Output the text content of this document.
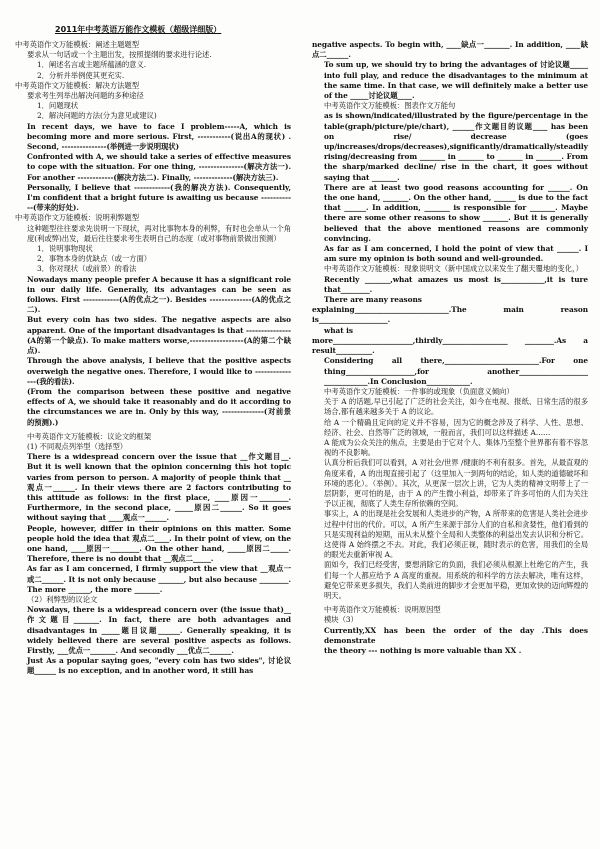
2011年中考英语万能作文模板（超级详细版）
中考英语作文万能模板：阐述主题题型
要求从一句话或一个主题出发，按照提纲的要求进行论述.
1．阐述名言或主题所蕴涵的意义.
2．分析并举例使其更充实.
中考英语作文万能模板：解决方法题型
要求考生列举出解决问题的多种途径
1．问题现状
2．解决问题的方法(分为意见或建议)
In recent days, we have to face I problem-----A, which is becoming more and more serious. First, -----------(说出A的现状) . Second, ---------------(举例进一步说明现状)
Confronted with A, we should take a series of effective measures to cope with the situation. For one thing, ---------------(解决方法一). For another ------------(解决方法二). Finally, -------------(解决方法三).
Personally, I believe that ------------(我的解决方法). Consequently, I'm confident that a bright future is awaiting us because ------------(带来的好处).
中考英语作文万能模板：说明利弊题型
这种题型往往要求先说明一下现状，再对比事物本身的利弊，有时也会单从一个角度(利或弊)出发，最后往往要求考生表明自己的态度（或对事物前景做出预测）
1．说明事物现状
2．事物本身的优缺点（或一方面）
3．你对现状（或前景）的看法
Nowadays many people prefer A because it has a significant role in our daily life. Generally, its advantages can be seen as follows. First ------------(A的优点之一). Besides --------------(A的优点之二).
But every coin has two sides. The negative aspects are also apparent. One of the important disadvantages is that ---------------(A的第一个缺点). To make matters worse,------------------(A的第二个缺点).
Through the above analysis, I believe that the positive aspects overweigh the negative ones. Therefore, I would like to ---------------(我的看法).
(From the comparison between these positive and negative effects of A, we should take it reasonably and do it according to the circumstances we are in. Only by this way, --------------(对前景的预测).)
中考英语作文万能模板：议论文的框架
(1) 不同观点列举型（选择型）
There is a widespread concern over the issue that __作文题目__. But it is well known that the opinion concerning this hot topic varies from person to person. A majority of people think that __观点一______. In their views there are 2 factors contributing to this attitude as follows: in the first place, ____原因一________. Furthermore, in the second place, _____原因二______. So it goes without saying that ____观点一______.
People, however, differ in their opinions on this matter. Some people hold the idea that 观点二____. In their point of view, on the one hand, ____原因一________. On the other hand, _____原因二_____. Therefore, there is no doubt that __观点二_____.
As far as I am concerned, I firmly support the view that __观点一或二______. It is not only because _______, but also because ________. The more ______, the more _______.
（2）利弊型的议论文
Nowadays, there is a widespread concern over (the issue that)__作文题目_______. In fact, there are both advantages and disadvantages in _____题目议题______. Generally speaking, it is widely believed there are several positive aspects as follows. Firstly, ___优点一_______. And secondly ___优点二______.
Just As a popular saying goes, "every coin has two sides", 讨论议题______ is no exception, and in another word, it still has
negative aspects. To begin with, ____缺点一_______. In addition, ____缺点二______.
To sum up, we should try to bring the advantages of 讨论议题_____ into full play, and reduce the disadvantages to the minimum at the same time. In that case, we will definitely make a better use of the _____讨论议题____.
中考英语作文万能模板：图表作文万能句
as is shown/indicated/illustrated by the figure/percentage in the table(graph/picture/pie/chart), ______作文题目的议题____ has been on rise/ decrease (goes up/increases/drops/decreases),significantly/dramatically/steadily rising/decreasing from _______ in _______ to _______ in _______. From the sharp/marked decline/ rise in the chart, it goes without saying that _______.
There are at least two good reasons accounting for ______. On the one hand, _______. On the other hand, ______ is due to the fact that ______. In addition, _______ is responsible for _______. Maybe there are some other reasons to show _______. But it is generally believed that the above mentioned reasons are commonly convincing.
As far as I am concerned, I hold the point of view that ______. I am sure my opinion is both sound and well-grounded.
中考英语作文万能模板：现象说明文（新中国成立以来发生了翻天覆地的变化，）
Recently _______,what amazes us most is____________,it is ture that________.
There are many reasons
explaining__________________________.The main reason is___________________.
what is
more______________________,thirdly__________________ ________.As a result__________.
Considering all there,__________________________.For one thing___________________,for another___________________ ____________.In Conclusion____________.
中考英语作文万能模板：一件事的或现象（负面意义倾向）
关于 A 的话题,早已引起了广泛的社会关注，如今在电视、报纸、日常生活的很多场合,都有越来越多关于 A 的议论。
给 A 一个精确且定向的定义并不容易，因为它的概念涉及了科学、人性、思想、经济、社会、自然等广泛的领域，一般而言，我们可以这样描述 A……
A 能成为公众关注的焦点，主要是由于它对个人、集体乃至整个世界都有着不容忽视的不良影响。
认真分析后我们可以看到，A 对社会/世界 /健康的不利有很多。首先，从最直观的角度来看，A 的出现直接引起了（这里加入一到两句的结论，如人类的道德破坏和环境的恶化）。（举例）。其次，从更深一层次上讲，它为人类的精神文明带上了一层阴影，更可怕的是，由于 A 的产生微小利益，却带来了许多可怕的人们为关注予以正视，彻底了人类生存所依赖的空间。
事实上，A 的出现是社会发展和人类进步的产物，A 所带来的危害是人类社会进步过程中付出的代价。可以，A 所产生来源于部分人们的自私和贪婪性，他们看到的只是实现利益的短期，而从未从整个全局和人类整体的利益出发去认识和分析它。这使得 A 始终摆之不去。对此，我们必须正视，随时表示的危害，用我们的全局的眼光去重新审视 A。
面如今，我们已经受害，要想消除它的负面，我们必须从根源上杜绝它的产生，我们每一个人都应给予 A 高度的重视。用系统的和科学的方法去解决，唯有这样，避免它带来更多损失，我们人类前进的脚步才会更加平稳，更加欢快的迈向辉煌的明天。
中考英语作文万能模板：说明原因型
模块（3）
Currently,XX has been the order of the day .This does demonstrate
the theory --- nothing is more valuable than XX .
